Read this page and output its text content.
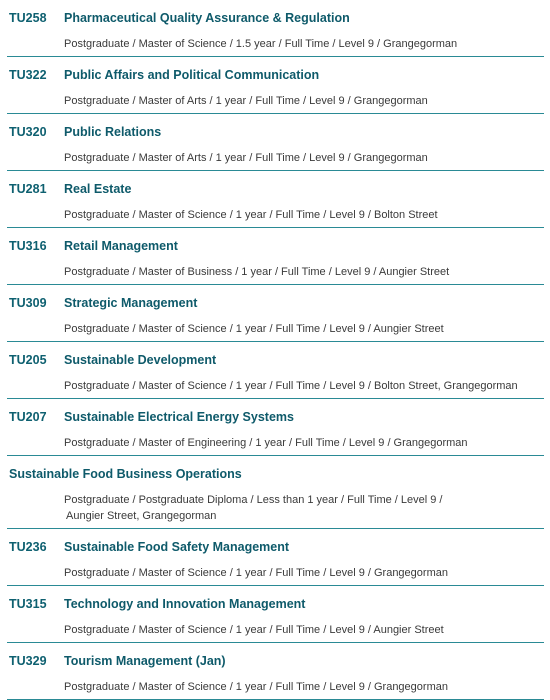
TU258	Pharmaceutical Quality Assurance & Regulation
Postgraduate / Master of Science / 1.5 year / Full Time / Level 9 / Grangegorman
TU322	Public Affairs and Political Communication
Postgraduate / Master of Arts / 1 year / Full Time / Level 9 / Grangegorman
TU320	Public Relations
Postgraduate / Master of Arts / 1 year / Full Time / Level 9 / Grangegorman
TU281	Real Estate
Postgraduate / Master of Science / 1 year / Full Time / Level 9 / Bolton Street
TU316	Retail Management
Postgraduate / Master of Business / 1 year / Full Time / Level 9 / Aungier Street
TU309	Strategic Management
Postgraduate / Master of Science / 1 year / Full Time / Level 9 / Aungier Street
TU205	Sustainable Development
Postgraduate / Master of Science / 1 year / Full Time / Level 9 / Bolton Street, Grangegorman
TU207	Sustainable Electrical Energy Systems
Postgraduate / Master of Engineering / 1 year / Full Time / Level 9 / Grangegorman
Sustainable Food Business Operations
Postgraduate / Postgraduate Diploma / Less than 1 year / Full Time / Level 9 /
Aungier Street, Grangegorman
TU236	Sustainable Food Safety Management
Postgraduate / Master of Science / 1 year / Full Time / Level 9 / Grangegorman
TU315	Technology and Innovation Management
Postgraduate / Master of Science / 1 year / Full Time / Level 9 / Aungier Street
TU329	Tourism Management (Jan)
Postgraduate / Master of Science / 1 year / Full Time / Level 9 / Grangegorman
